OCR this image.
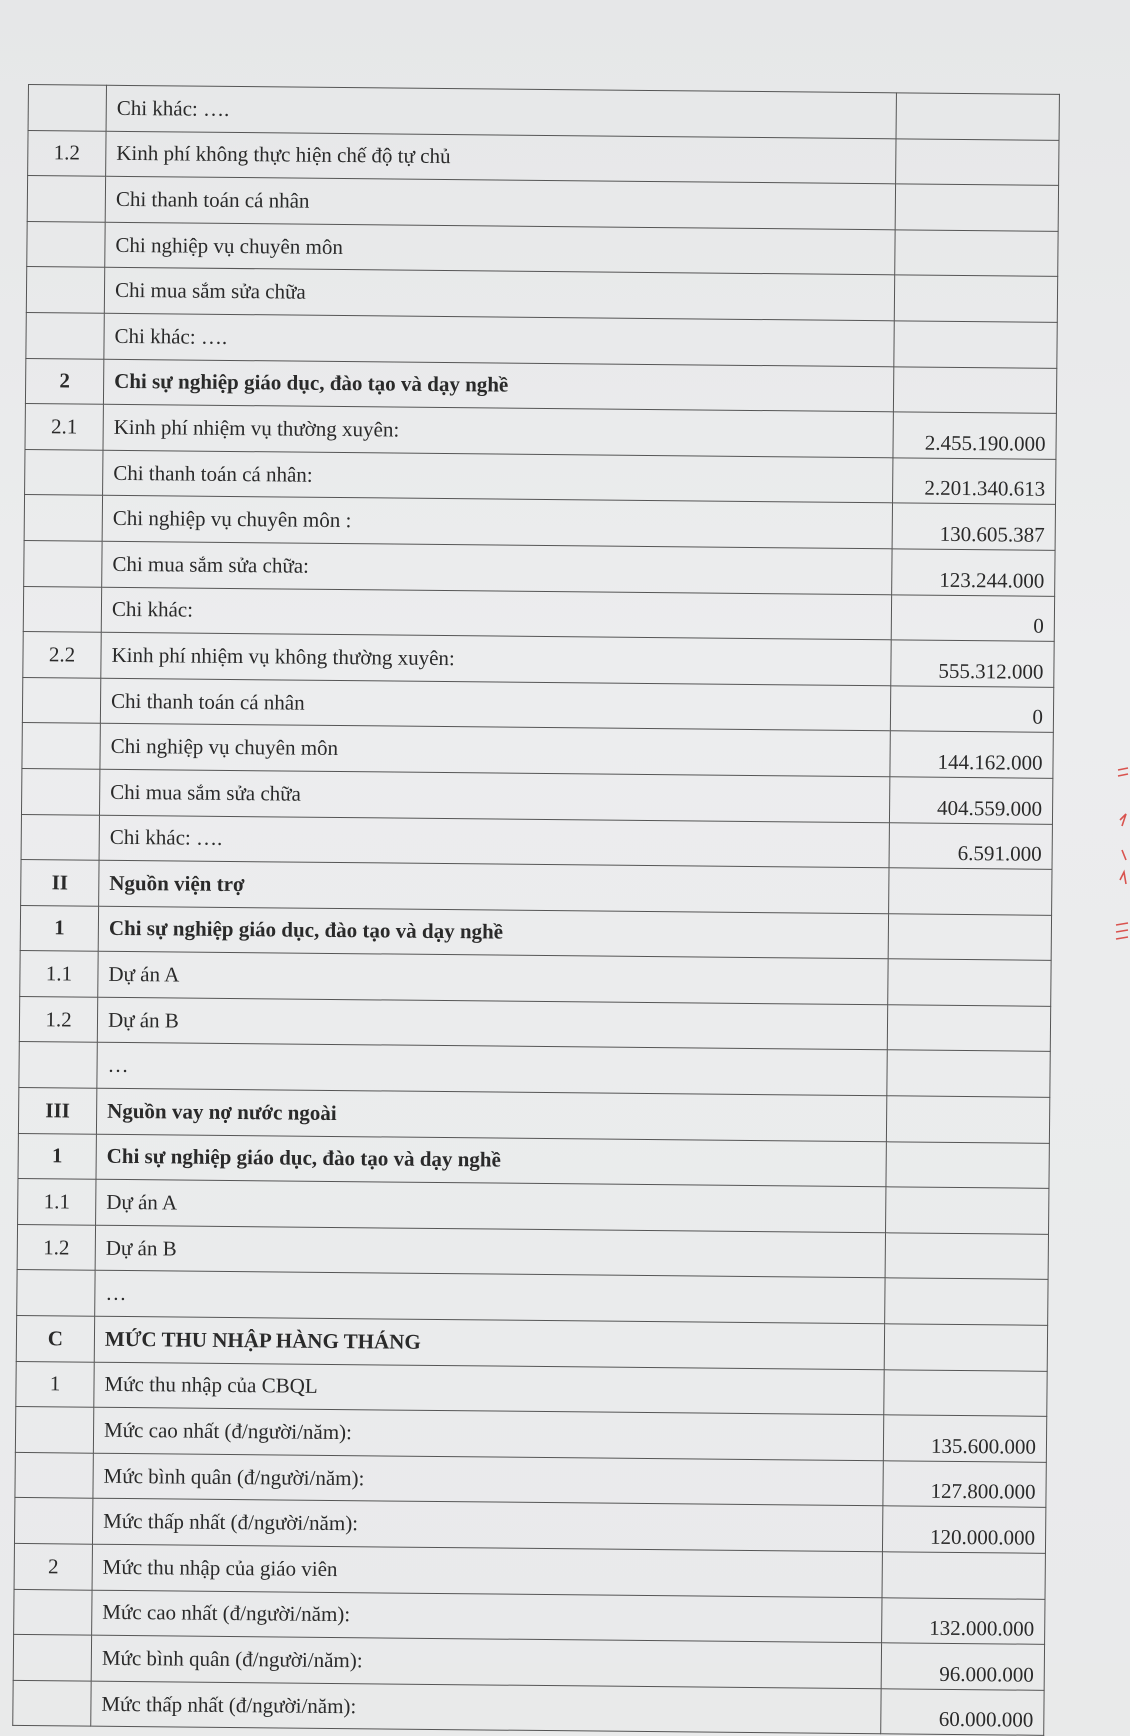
	Chi khác: ….	
1.2	Kinh phí không thực hiện chế độ tự chủ	
	Chi thanh toán cá nhân	
	Chi nghiệp vụ chuyên môn	
	Chi mua sắm sửa chữa	
	Chi khác: ….	
2	Chi sự nghiệp giáo dục, đào tạo và dạy nghề	
2.1	Kinh phí nhiệm vụ thường xuyên:	2.455.190.000
	Chi thanh toán cá nhân:	2.201.340.613
	Chi nghiệp vụ chuyên môn :	130.605.387
	Chi mua sắm sửa chữa:	123.244.000
	Chi khác:	0
2.2	Kinh phí nhiệm vụ không thường xuyên:	555.312.000
	Chi thanh toán cá nhân	0
	Chi nghiệp vụ chuyên môn	144.162.000
	Chi mua sắm sửa chữa	404.559.000
	Chi khác: ….	6.591.000
II	Nguồn viện trợ	
1	Chi sự nghiệp giáo dục, đào tạo và dạy nghề	
1.1	Dự án A	
1.2	Dự án B	
	…	
III	Nguồn vay nợ nước ngoài	
1	Chi sự nghiệp giáo dục, đào tạo và dạy nghề	
1.1	Dự án A	
1.2	Dự án B	
	…	
C	MỨC THU NHẬP HÀNG THÁNG	
1	Mức thu nhập của CBQL	
	Mức cao nhất (đ/người/năm):	135.600.000
	Mức bình quân (đ/người/năm):	127.800.000
	Mức thấp nhất (đ/người/năm):	120.000.000
2	Mức thu nhập của giáo viên	
	Mức cao nhất (đ/người/năm):	132.000.000
	Mức bình quân (đ/người/năm):	96.000.000
	Mức thấp nhất (đ/người/năm):	60.000.000
